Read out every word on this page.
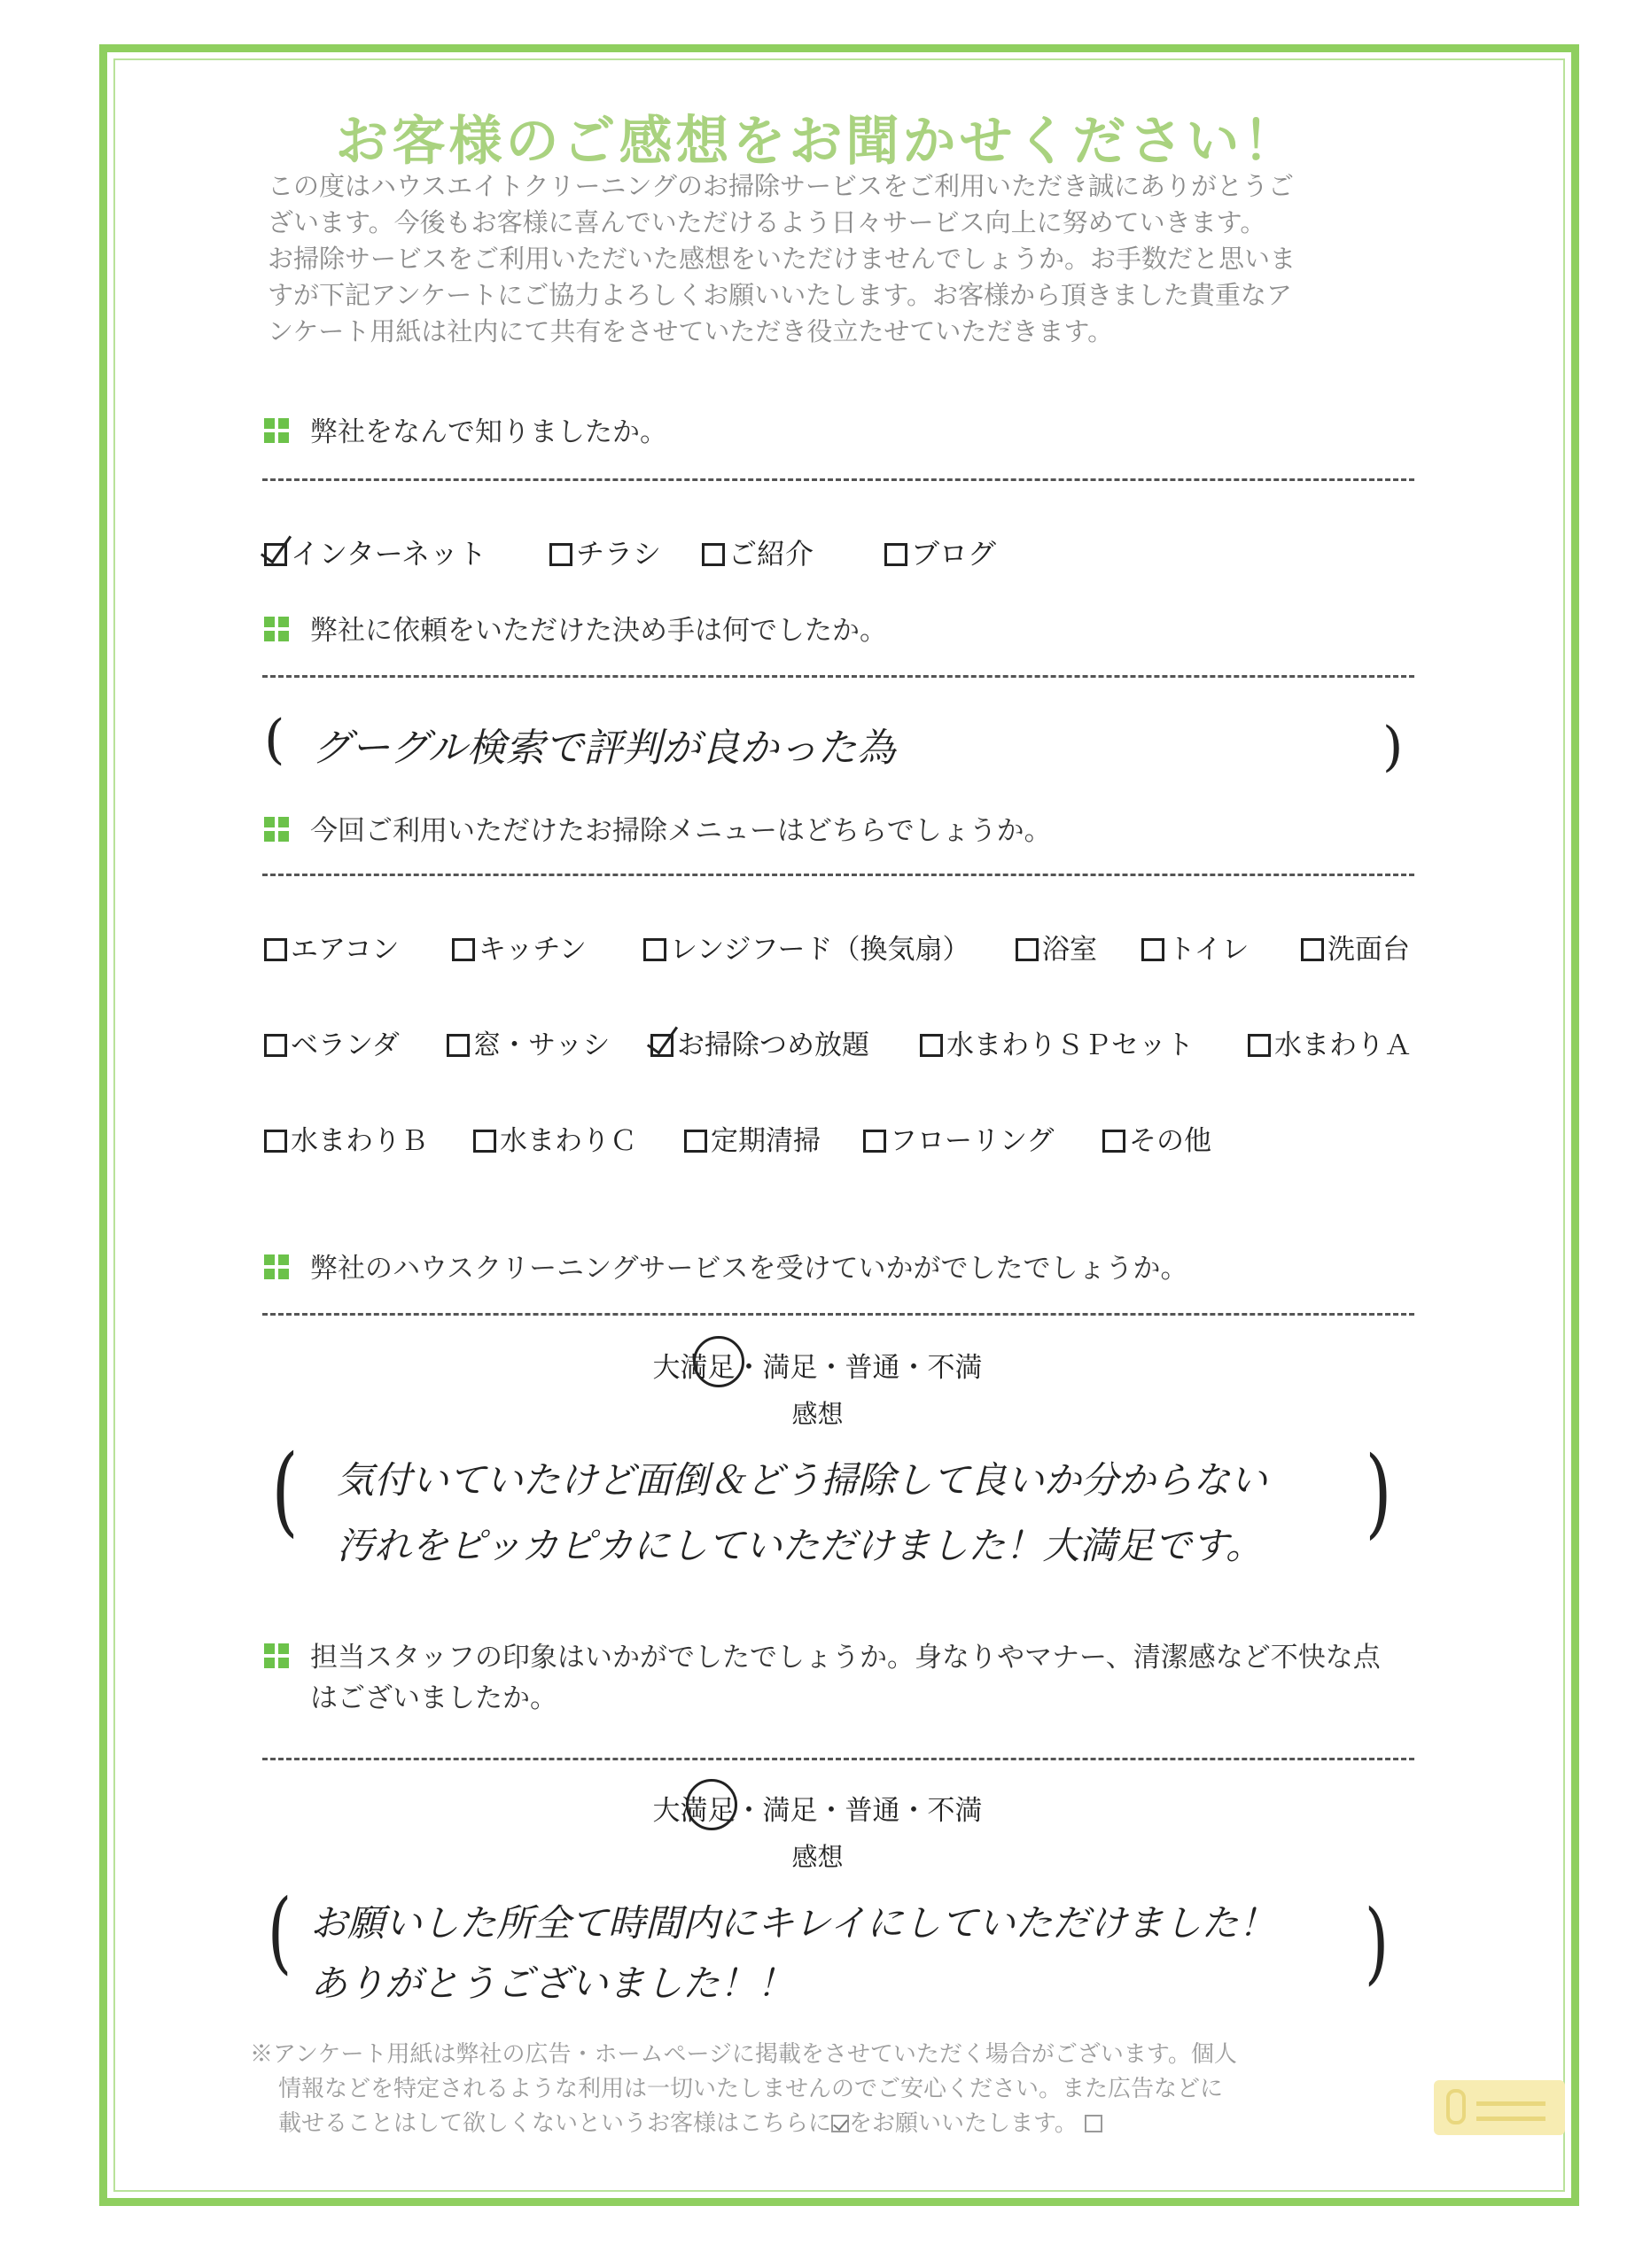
お客様のご感想をお聞かせください！
この度はハウスエイトクリーニングのお掃除サービスをご利用いただき誠にありがとうご
ざいます。今後もお客様に喜んでいただけるよう日々サービス向上に努めていきます。
お掃除サービスをご利用いただいた感想をいただけませんでしょうか。お手数だと思いま
すが下記アンケートにご協力よろしくお願いいたします。お客様から頂きました貴重なア
ンケート用紙は社内にて共有をさせていただき役立たせていただきます。
弊社をなんで知りましたか。
インターネット	チラシ	ご紹介	ブログ
弊社に依頼をいただけた決め手は何でしたか。
( グーグル検索で評判が良かった為	)
今回ご利用いただけたお掃除メニューはどちらでしょうか。
エアコン	キッチン	レンジフード（換気扇）	浴室	トイレ	洗面台
ベランダ	窓・サッシ	お掃除つめ放題	水まわりＳＰセット	水まわりＡ
水まわりＢ	水まわりＣ	定期清掃	フローリング	その他
弊社のハウスクリーニングサービスを受けていかがでしたでしょうか。
大満足・満足・普通・不満
感想
( 気付いていたけど面倒＆どう掃除して良いか分からない
汚れをピッカピカにしていただけました！大満足です。 )
担当スタッフの印象はいかがでしたでしょうか。身なりやマナー、清潔感など不快な点
はございましたか。
大満足・満足・普通・不満
感想
( お願いした所全て時間内にキレイにしていただけました！
ありがとうございました！！	)
※アンケート用紙は弊社の広告・ホームページに掲載をさせていただく場合がございます。個人
情報などを特定されるような利用は一切いたしませんのでご安心ください。また広告などに
載せることはして欲しくないというお客様はこちらに をお願いいたします。
